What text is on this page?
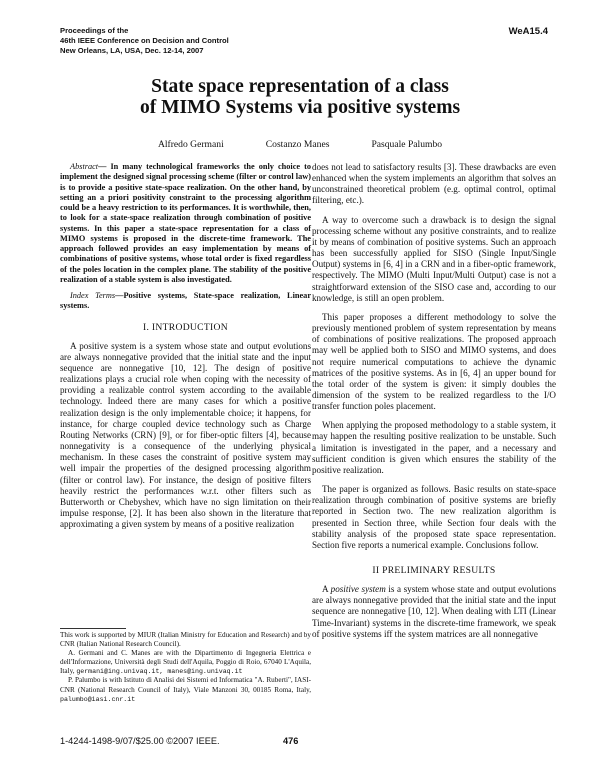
Proceedings of the
46th IEEE Conference on Decision and Control
New Orleans, LA, USA, Dec. 12-14, 2007
WeA15.4
State space representation of a class
of MIMO Systems via positive systems
Alfredo Germani	Costanzo Manes	Pasquale Palumbo

Abstract— In many technological frameworks the only choice to implement the designed signal processing scheme (filter or control law) is to provide a positive state-space realization. On the other hand, by setting an a priori positivity constraint to the processing algorithm could be a heavy restriction to its performances. It is worthwhile, then, to look for a state-space realization through combination of positive systems. In this paper a state-space representation for a class of MIMO systems is proposed in the discrete-time framework. The approach followed provides an easy implementation by means of combinations of positive systems, whose total order is fixed regardless of the poles location in the complex plane. The stability of the positive realization of a stable system is also investigated.

Index Terms—Positive systems, State-space realization, Linear systems.

I. INTRODUCTION

A positive system is a system whose state and output evolutions are always nonnegative provided that the initial state and the input sequence are nonnegative [10, 12]. The design of positive realizations plays a crucial role when coping with the necessity of providing a realizable control system according to the available technology. Indeed there are many cases for which a positive realization design is the only implementable choice; it happens, for instance, for charge coupled device technology such as Charge Routing Networks (CRN) [9], or for fiber-optic filters [4], because nonnegativity is a consequence of the underlying physical mechanism. In these cases the constraint of positive system may well impair the properties of the designed processing algorithm (filter or control law). For instance, the design of positive filters heavily restrict the performances w.r.t. other filters such as Butterworth or Chebyshev, which have no sign limitation on their impulse response, [2]. It has been also shown in the literature that approximating a given system by means of a positive realization

does not lead to satisfactory results [3]. These drawbacks are even enhanced when the system implements an algorithm that solves an unconstrained theoretical problem (e.g. optimal control, optimal filtering, etc.).

A way to overcome such a drawback is to design the signal processing scheme without any positive constraints, and to realize it by means of combination of positive systems. Such an approach has been successfully applied for SISO (Single Input/Single Output) systems in [6, 4] in a CRN and in a fiber-optic framework, respectively. The MIMO (Multi Input/Multi Output) case is not a straightforward extension of the SISO case and, according to our knowledge, is still an open problem.

This paper proposes a different methodology to solve the previously mentioned problem of system representation by means of combinations of positive realizations. The proposed approach may well be applied both to SISO and MIMO systems, and does not require numerical computations to achieve the dynamic matrices of the positive systems. As in [6, 4] an upper bound for the total order of the system is given: it simply doubles the dimension of the system to be realized regardless to the I/O transfer function poles placement.

When applying the proposed methodology to a stable system, it may happen the resulting positive realization to be unstable. Such a limitation is investigated in the paper, and a necessary and sufficient condition is given which ensures the stability of the positive realization.

The paper is organized as follows. Basic results on state-space realization through combination of positive systems are briefly reported in Section two. The new realization algorithm is presented in Section three, while Section four deals with the stability analysis of the proposed state space representation. Section five reports a numerical example. Conclusions follow.

II PRELIMINARY RESULTS

A positive system is a system whose state and output evolutions are always nonnegative provided that the initial state and the input sequence are nonnegative [10, 12]. When dealing with LTI (Linear Time-Invariant) systems in the discrete-time framework, we speak of positive systems iff the system matrices are all nonnegative

This work is supported by MIUR (Italian Ministry for Education and Research) and by CNR (Italian National Research Council).

A. Germani and C. Manes are with the Dipartimento di Ingegneria Elettrica e dell'Informazione, Università degli Studi dell'Aquila, Poggio di Roio, 67040 L'Aquila, Italy, germani@ing.univaq.it, manes@ing.univaq.it

P. Palumbo is with Istituto di Analisi dei Sistemi ed Informatica "A. Ruberti", IASI-CNR (National Research Council of Italy), Viale Manzoni 30, 00185 Roma, Italy, palumbo@iasi.cnr.it

1-4244-1498-9/07/$25.00 ©2007 IEEE.	476
